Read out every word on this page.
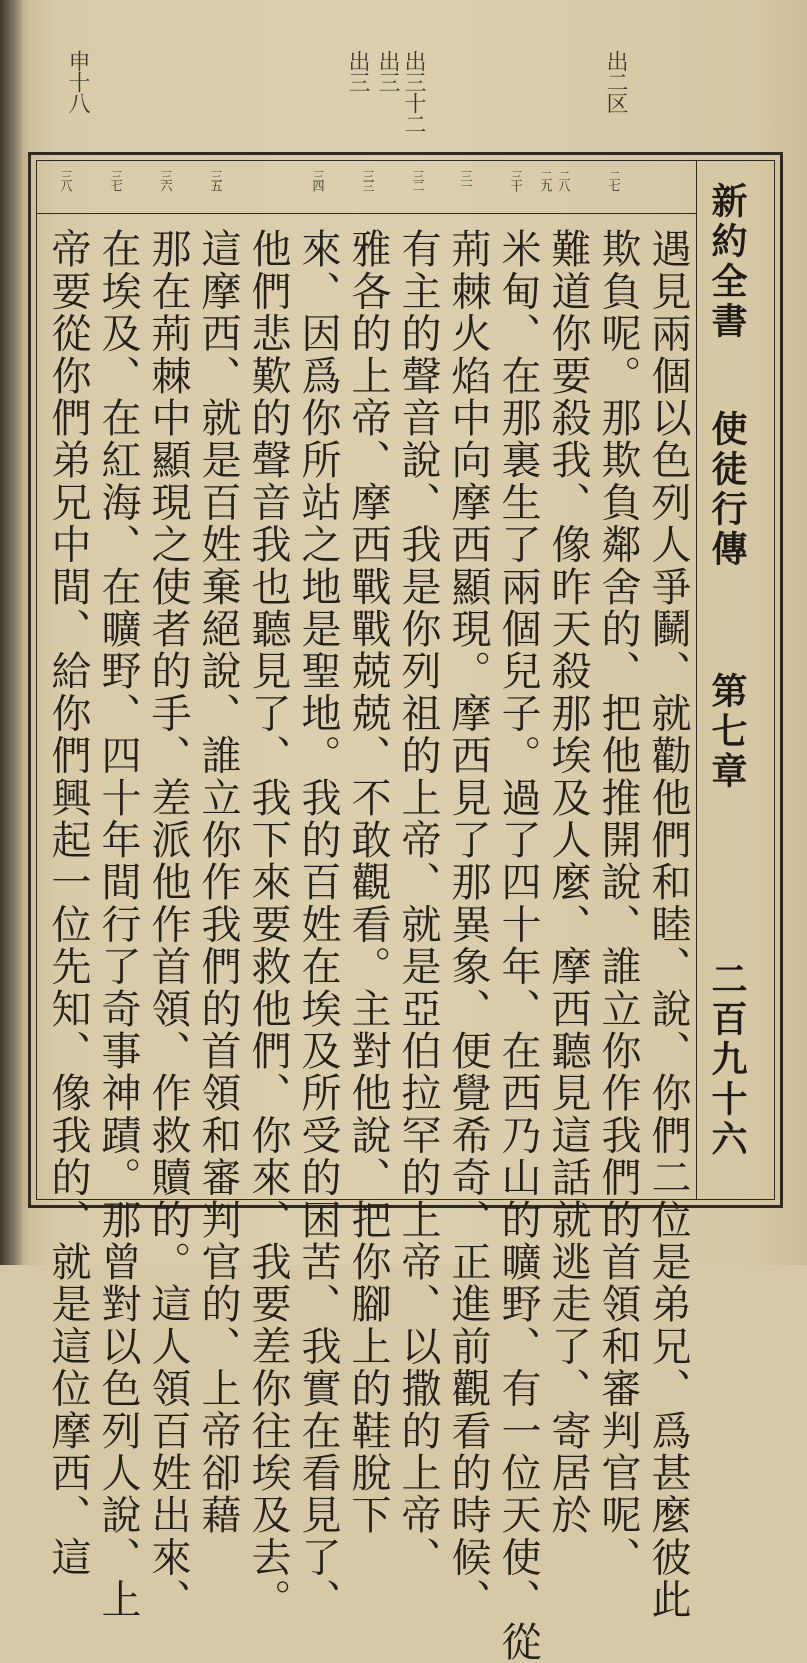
申十八	出三
出三 出三十二	出二区
新約全書
使徒行傳
第七章
二百九十六
二七
二八
二九
三十
三一
三二
三三
三四
三五
三六
三七
三八
遇見兩個以色列人爭鬭、就勸他們和睦、說、你們二位是弟兄、爲甚麼彼此
欺負呢。那欺負鄰舍的、把他推開說、誰立你作我們的首領和審判官呢、
難道你要殺我、像昨天殺那埃及人麼、摩西聽見這話就逃走了、寄居於
米甸、在那裏生了兩個兒子。過了四十年、在西乃山的曠野、有一位天使、從
荊棘火焰中向摩西顯現。摩西見了那異象、便覺希奇、正進前觀看的時候、
有主的聲音說、我是你列祖的上帝、就是亞伯拉罕的上帝、以撒的上帝、
雅各的上帝、摩西戰戰兢兢、不敢觀看。主對他說、把你腳上的鞋脫下
來、因爲你所站之地是聖地。我的百姓在埃及所受的困苦、我實在看見了、
他們悲歎的聲音我也聽見了、我下來要救他們、你來、我要差你往埃及去。
這摩西、就是百姓棄絕說、誰立你作我們的首領和審判官的、上帝卻藉
那在荊棘中顯現之使者的手、差派他作首領、作救贖的。這人領百姓出來、
在埃及、在紅海、在曠野、四十年間行了奇事神蹟。那曾對以色列人說、上
帝要從你們弟兄中間、給你們興起一位先知、像我的、就是這位摩西、這
